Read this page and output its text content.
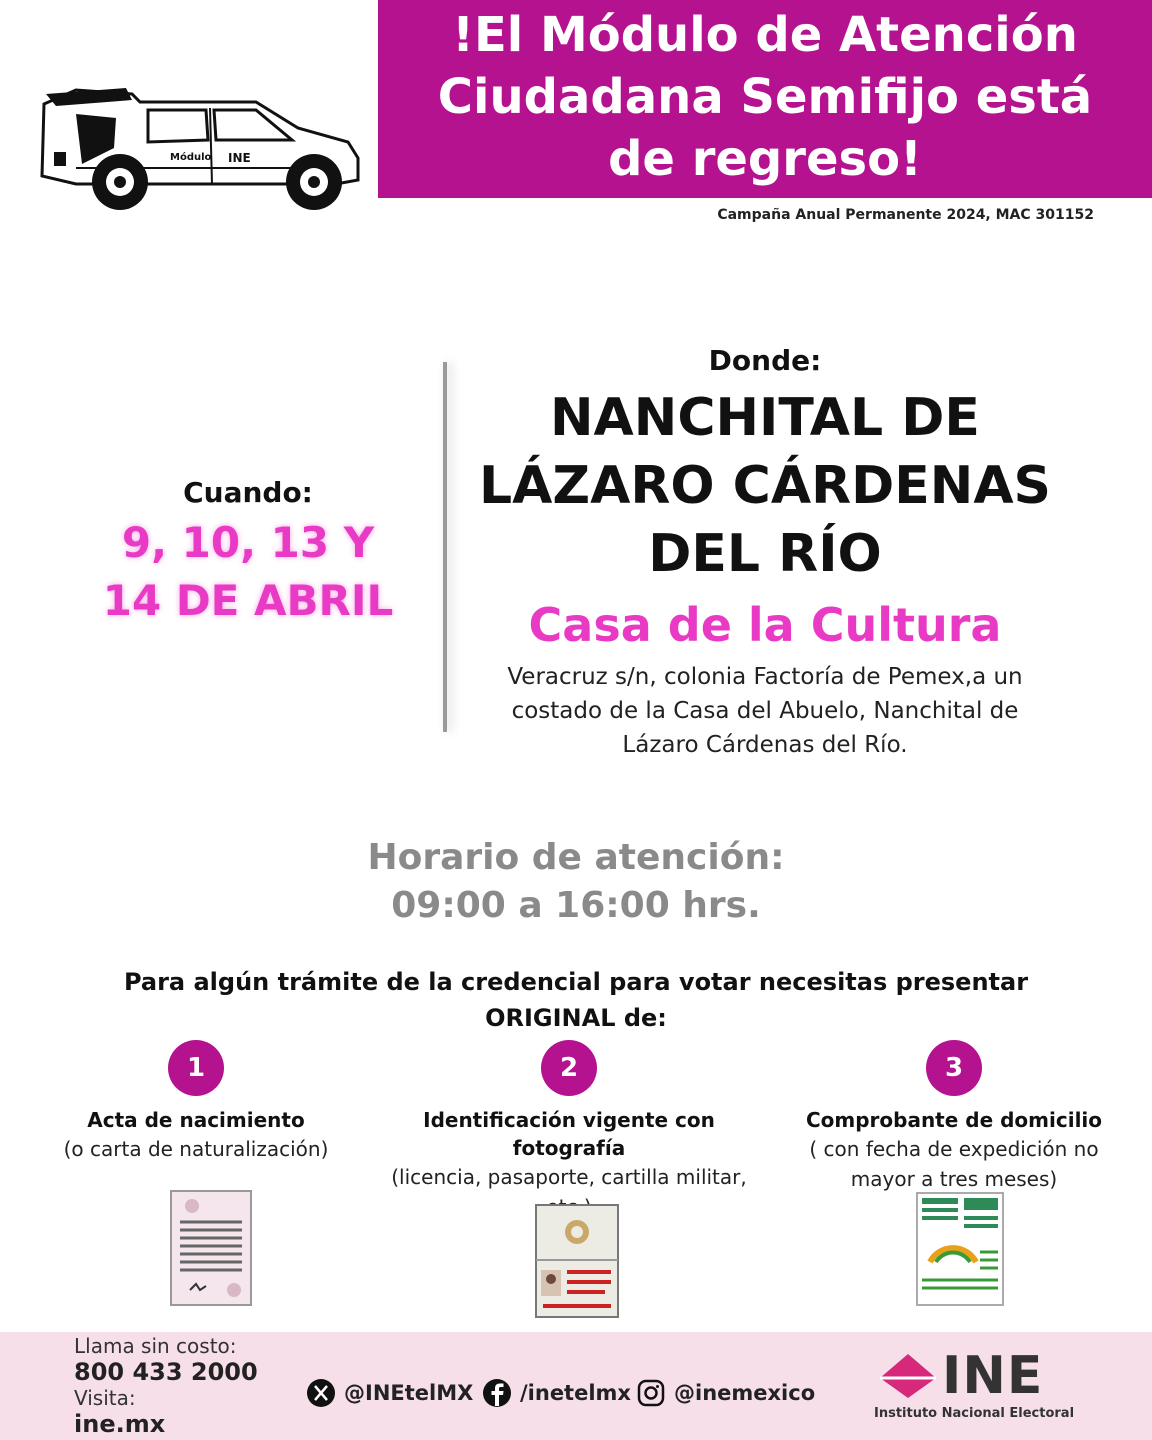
!El Módulo de Atención
Ciudadana Semifijo está
de regreso!
Campaña Anual Permanente 2024, MAC 301152
Módulo INE
Cuando:
9, 10, 13 Y
14 DE ABRIL
Donde:
NANCHITAL DE
LÁZARO CÁRDENAS
DEL RÍO
Casa de la Cultura
Veracruz s/n, colonia Factoría de Pemex,a un
costado de la Casa del Abuelo, Nanchital de
Lázaro Cárdenas del Río.
Horario de atención:
09:00 a 16:00 hrs.
Para algún trámite de la credencial para votar necesitas presentar
ORIGINAL de:
1
Acta de nacimiento
(o carta de naturalización)
2
Identificación vigente con fotografía
(licencia, pasaporte, cartilla militar,
3
Comprobante de domicilio
( con fecha de expedición no
mayor a tres meses)
Llama sin costo:
800 433 2000
Visita:
ine.mx
@INEtelMX /inetelmx @inemexico INE
Instituto Nacional Electoral
